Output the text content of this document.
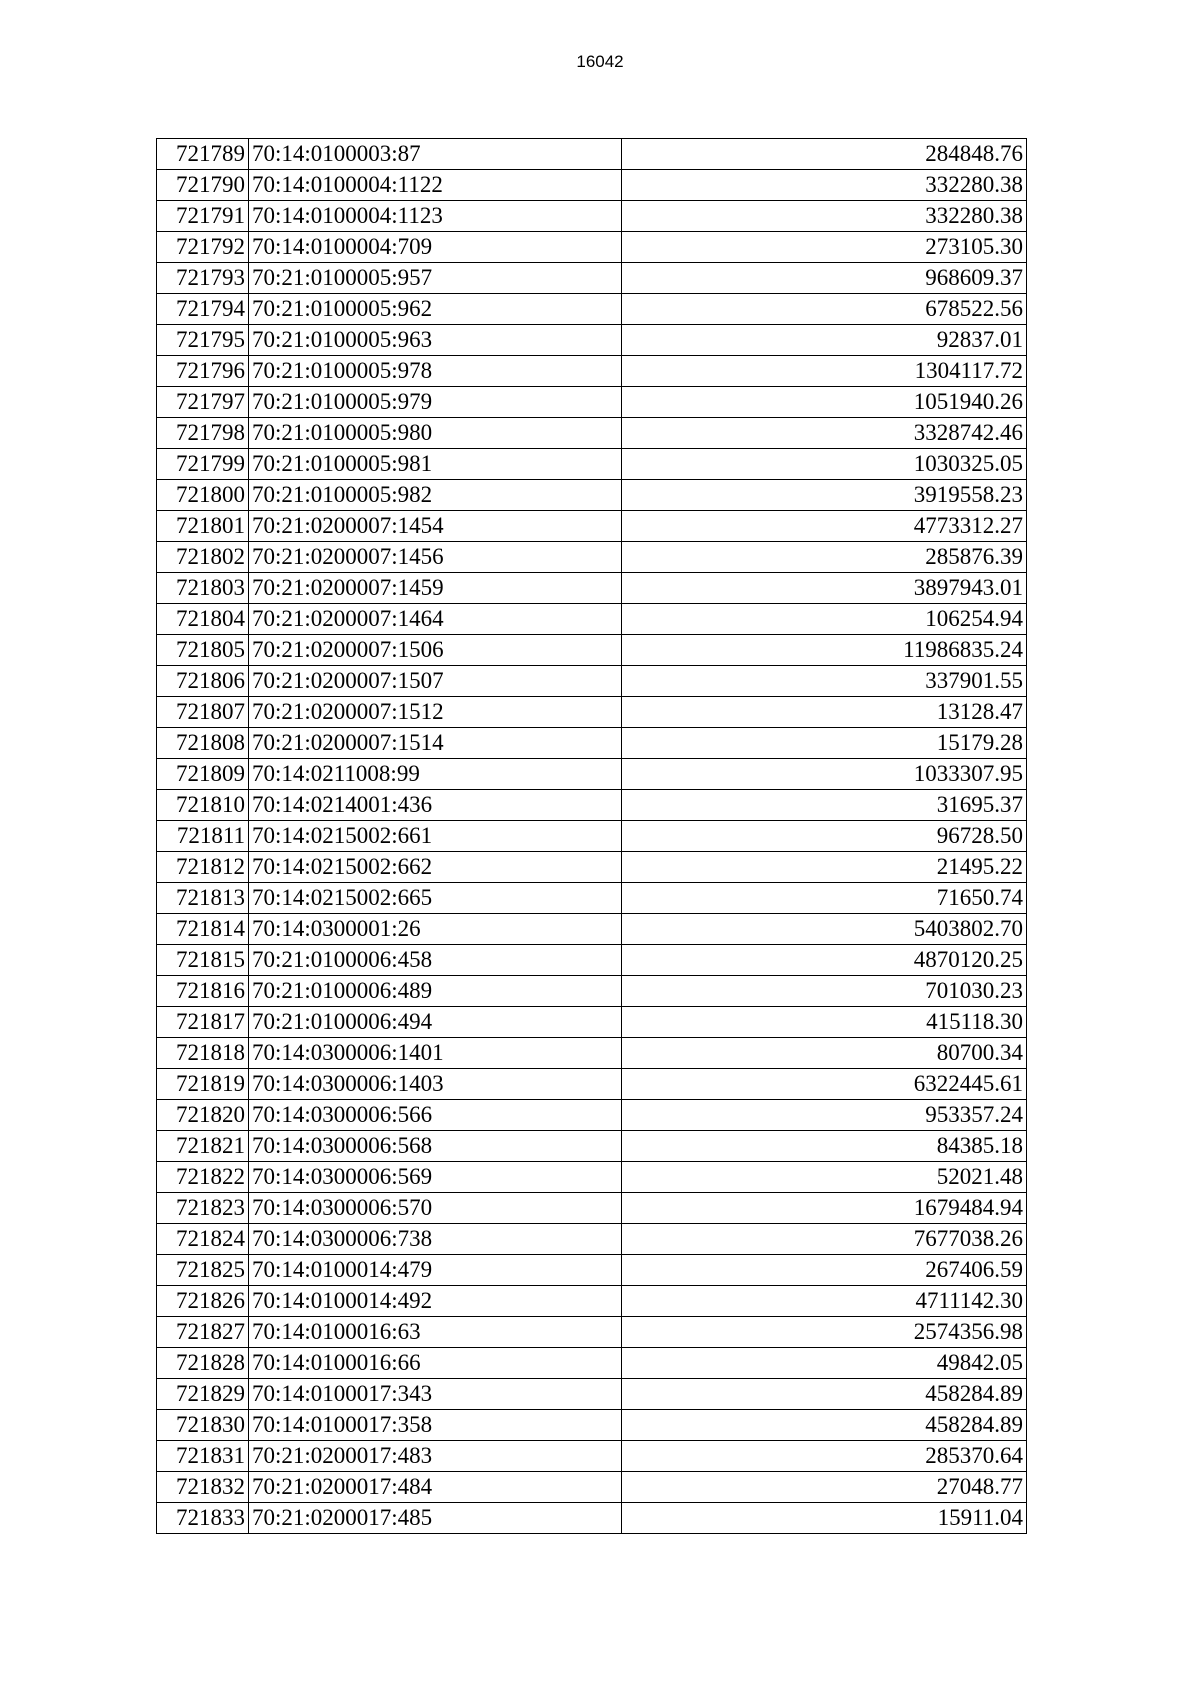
16042
721789	70:14:0100003:87	284848.76
721790	70:14:0100004:1122	332280.38
721791	70:14:0100004:1123	332280.38
721792	70:14:0100004:709	273105.30
721793	70:21:0100005:957	968609.37
721794	70:21:0100005:962	678522.56
721795	70:21:0100005:963	92837.01
721796	70:21:0100005:978	1304117.72
721797	70:21:0100005:979	1051940.26
721798	70:21:0100005:980	3328742.46
721799	70:21:0100005:981	1030325.05
721800	70:21:0100005:982	3919558.23
721801	70:21:0200007:1454	4773312.27
721802	70:21:0200007:1456	285876.39
721803	70:21:0200007:1459	3897943.01
721804	70:21:0200007:1464	106254.94
721805	70:21:0200007:1506	11986835.24
721806	70:21:0200007:1507	337901.55
721807	70:21:0200007:1512	13128.47
721808	70:21:0200007:1514	15179.28
721809	70:14:0211008:99	1033307.95
721810	70:14:0214001:436	31695.37
721811	70:14:0215002:661	96728.50
721812	70:14:0215002:662	21495.22
721813	70:14:0215002:665	71650.74
721814	70:14:0300001:26	5403802.70
721815	70:21:0100006:458	4870120.25
721816	70:21:0100006:489	701030.23
721817	70:21:0100006:494	415118.30
721818	70:14:0300006:1401	80700.34
721819	70:14:0300006:1403	6322445.61
721820	70:14:0300006:566	953357.24
721821	70:14:0300006:568	84385.18
721822	70:14:0300006:569	52021.48
721823	70:14:0300006:570	1679484.94
721824	70:14:0300006:738	7677038.26
721825	70:14:0100014:479	267406.59
721826	70:14:0100014:492	4711142.30
721827	70:14:0100016:63	2574356.98
721828	70:14:0100016:66	49842.05
721829	70:14:0100017:343	458284.89
721830	70:14:0100017:358	458284.89
721831	70:21:0200017:483	285370.64
721832	70:21:0200017:484	27048.77
721833	70:21:0200017:485	15911.04
